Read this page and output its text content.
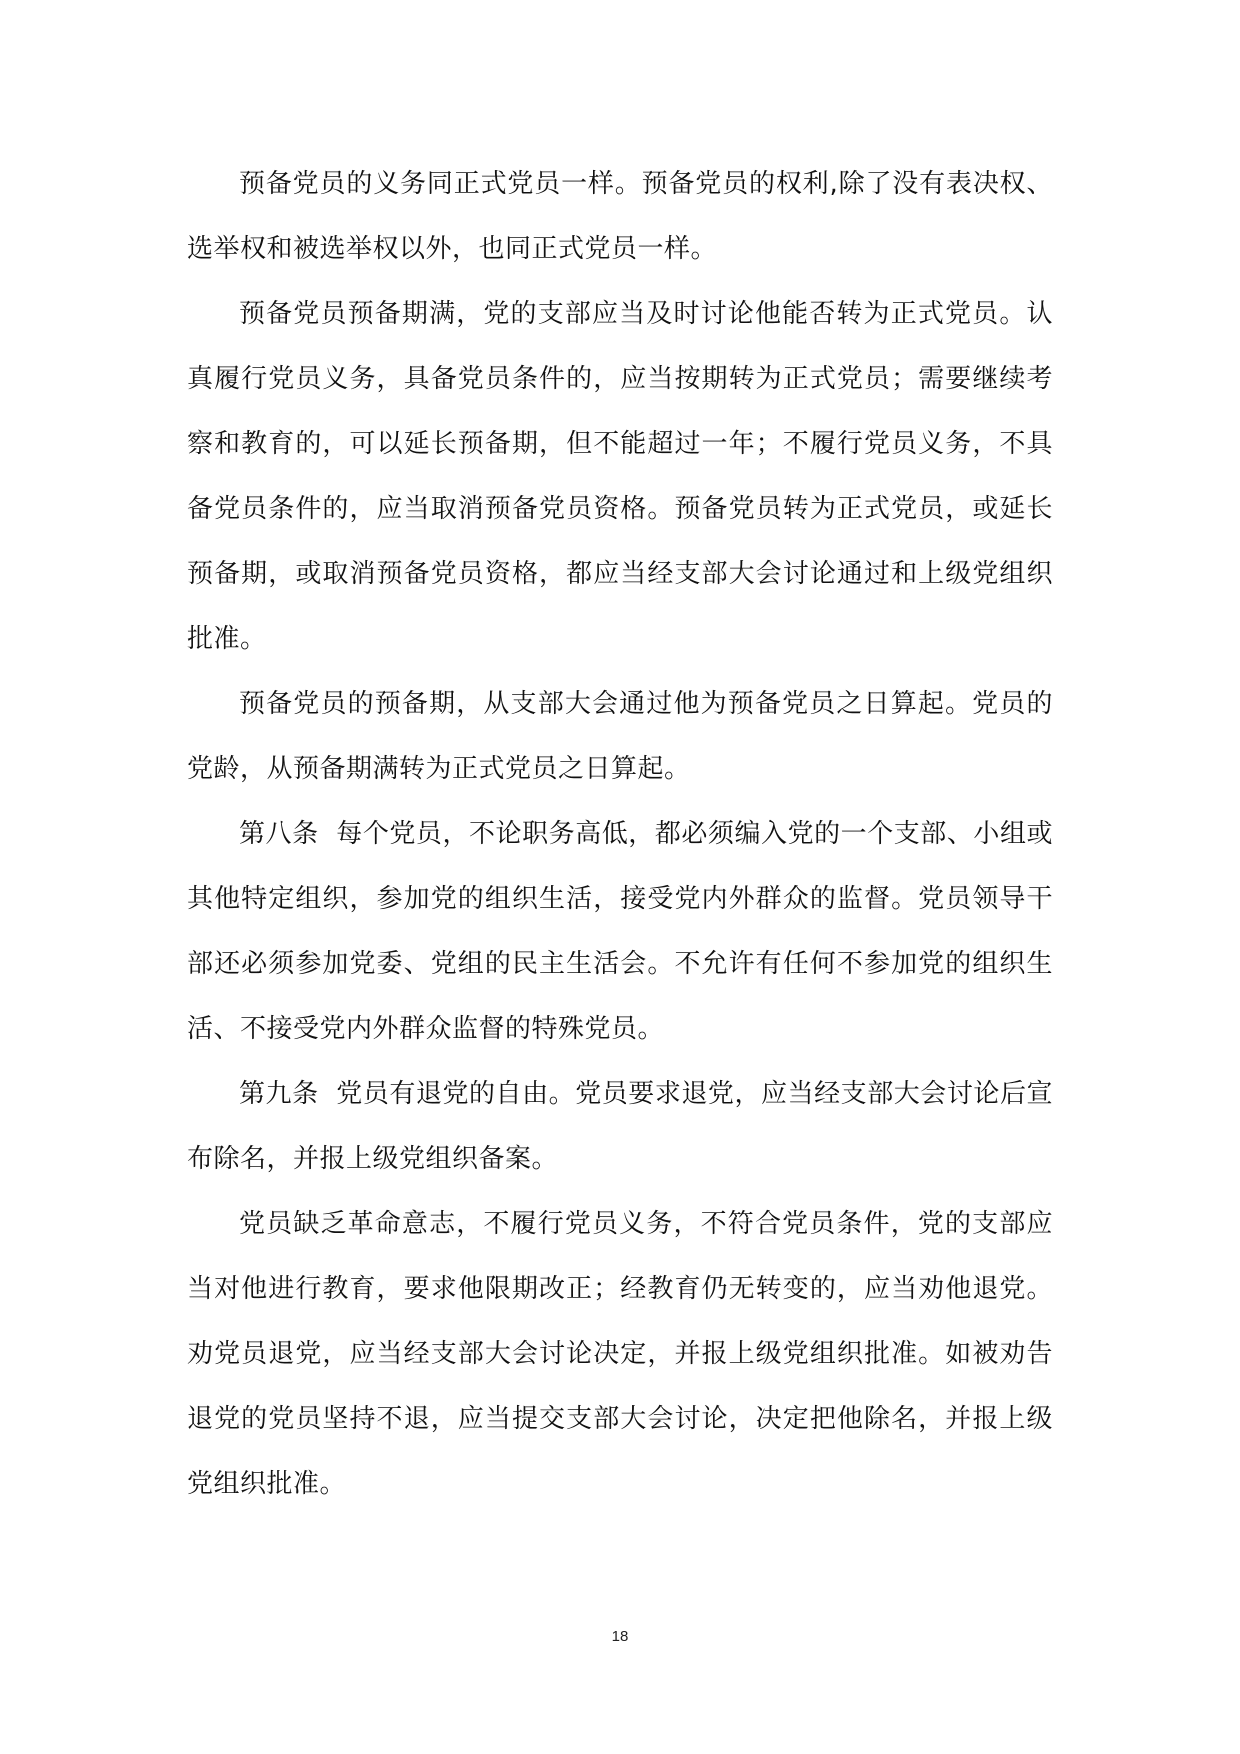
预备党员的义务同正式党员一样。预备党员的权利,除了没有表决权、选举权和被选举权以外，也同正式党员一样。

预备党员预备期满，党的支部应当及时讨论他能否转为正式党员。认真履行党员义务，具备党员条件的，应当按期转为正式党员；需要继续考察和教育的，可以延长预备期，但不能超过一年；不履行党员义务，不具备党员条件的，应当取消预备党员资格。预备党员转为正式党员，或延长预备期，或取消预备党员资格，都应当经支部大会讨论通过和上级党组织批准。

预备党员的预备期，从支部大会通过他为预备党员之日算起。党员的党龄，从预备期满转为正式党员之日算起。

第八条  每个党员，不论职务高低，都必须编入党的一个支部、小组或其他特定组织，参加党的组织生活，接受党内外群众的监督。党员领导干部还必须参加党委、党组的民主生活会。不允许有任何不参加党的组织生活、不接受党内外群众监督的特殊党员。

第九条  党员有退党的自由。党员要求退党，应当经支部大会讨论后宣布除名，并报上级党组织备案。

党员缺乏革命意志，不履行党员义务，不符合党员条件，党的支部应当对他进行教育，要求他限期改正；经教育仍无转变的，应当劝他退党。劝党员退党，应当经支部大会讨论决定，并报上级党组织批准。如被劝告退党的党员坚持不退，应当提交支部大会讨论，决定把他除名，并报上级党组织批准。

18
